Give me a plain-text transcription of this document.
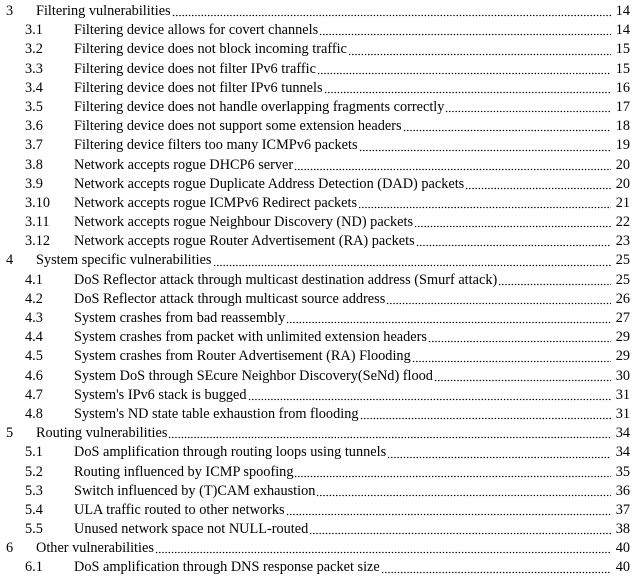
3 Filtering vulnerabilities	14
3.1 Filtering device allows for covert channels	14
3.2 Filtering device does not block incoming traffic	15
3.3 Filtering device does not filter IPv6 traffic	15
3.4 Filtering device does not filter IPv6 tunnels	16
3.5 Filtering device does not handle overlapping fragments correctly	17
3.6 Filtering device does not support some extension headers	18
3.7 Filtering device filters too many ICMPv6 packets	19
3.8 Network accepts rogue DHCP6 server	20
3.9 Network accepts rogue Duplicate Address Detection (DAD) packets	20
3.10 Network accepts rogue ICMPv6 Redirect packets	21
3.11 Network accepts rogue Neighbour Discovery (ND) packets	22
3.12 Network accepts rogue Router Advertisement (RA) packets	23
4 System specific vulnerabilities	25
4.1 DoS Reflector attack through multicast destination address (Smurf attack)	25
4.2 DoS Reflector attack through multicast source address	26
4.3 System crashes from bad reassembly	27
4.4 System crashes from packet with unlimited extension headers	29
4.5 System crashes from Router Advertisement (RA) Flooding	29
4.6 System DoS through SEcure Neighbor Discovery(SeNd) flood	30
4.7 System's IPv6 stack is bugged	31
4.8 System's ND state table exhaustion from flooding	31
5 Routing vulnerabilities	34
5.1 DoS amplification through routing loops using tunnels	34
5.2 Routing influenced by ICMP spoofing	35
5.3 Switch influenced by (T)CAM exhaustion	36
5.4 ULA traffic routed to other networks	37
5.5 Unused network space not NULL-routed	38
6 Other vulnerabilities	40
6.1 DoS amplification through DNS response packet size	40
